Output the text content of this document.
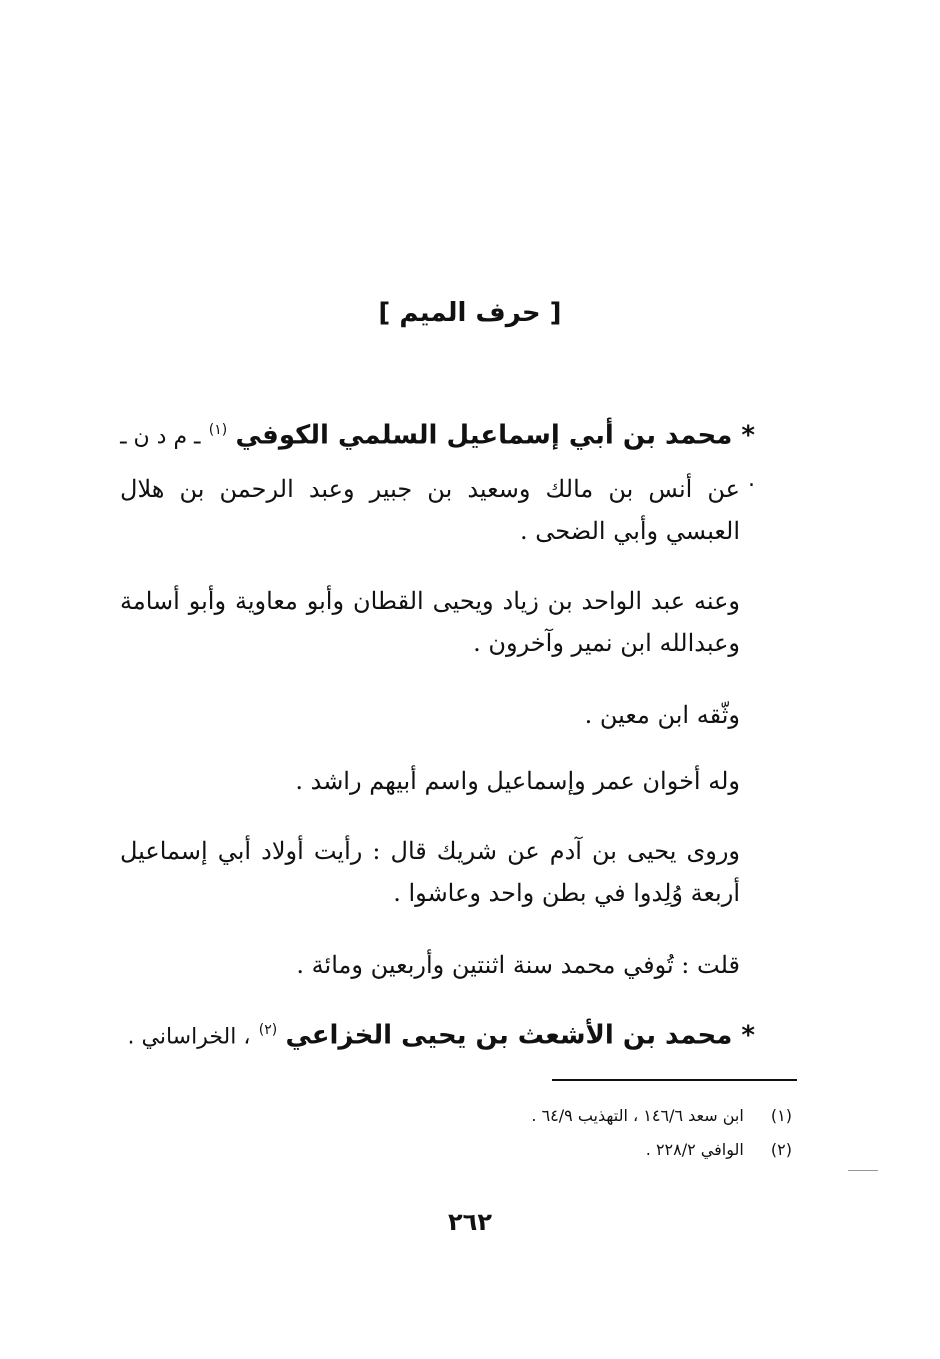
[ حرف الميم ]
* محمد بن أبي إسماعيل السلمي الكوفي $^{(١)}$ ـ م د ن ـ .
عن أنس بن مالك وسعيد بن جبير وعبد الرحمن بن هلال العبسي وأبي الضحى .
وعنه عبد الواحد بن زياد ويحيى القطان وأبو معاوية وأبو أسامة وعبدالله ابن نمير وآخرون .
وثّقه ابن معين .
وله أخوان عمر وإسماعيل واسم أبيهم راشد .
وروى يحيى بن آدم عن شريك قال : رأيت أولاد أبي إسماعيل أربعة وُلِدوا في بطن واحد وعاشوا .
قلت : تُوفي محمد سنة اثنتين وأربعين ومائة .
* محمد بن الأشعث بن يحيى الخزاعي $^{(٢)}$ ، الخراساني .
(١) ابن سعد ١٤٦/٦ ، التهذيب ٦٤/٩ .
(٢) الوافي ٢٢٨/٢ .
٢٦٢
